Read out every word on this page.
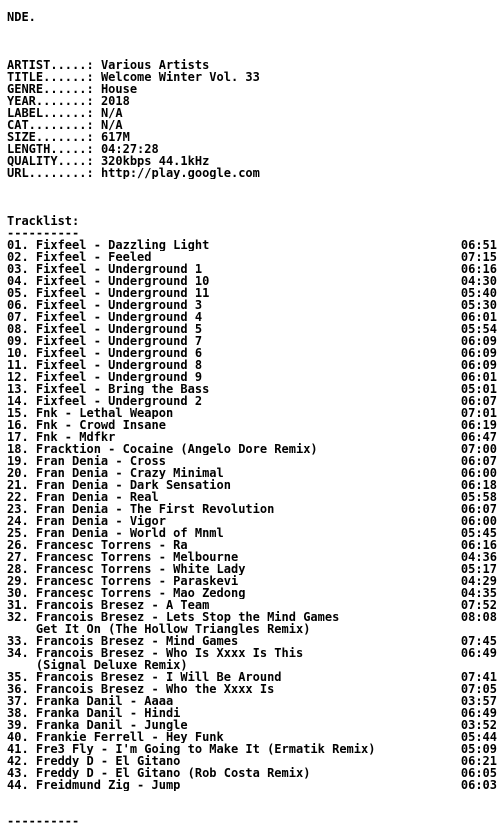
NDE.
ARTIST.....: Various Artists
TITLE......: Welcome Winter Vol. 33
GENRE......: House
YEAR.......: 2018
LABEL......: N/A
CAT........: N/A
SIZE.......: 617M
LENGTH.....: 04:27:28
QUALITY....: 320kbps 44.1kHz
URL........: http://play.google.com
Tracklist:
----------
01. Fixfeel - Dazzling Light	06:51
02. Fixfeel - Feeled	07:15
03. Fixfeel - Underground 1	06:16
04. Fixfeel - Underground 10	04:30
05. Fixfeel - Underground 11	05:40
06. Fixfeel - Underground 3	05:30
07. Fixfeel - Underground 4	06:01
08. Fixfeel - Underground 5	05:54
09. Fixfeel - Underground 7	06:09
10. Fixfeel - Underground 6	06:09
11. Fixfeel - Underground 8	06:09
12. Fixfeel - Underground 9	06:01
13. Fixfeel - Bring the Bass	05:01
14. Fixfeel - Underground 2	06:07
15. Fnk - Lethal Weapon	07:01
16. Fnk - Crowd Insane	06:19
17. Fnk - Mdfkr	06:47
18. Fracktion - Cocaine (Angelo Dore Remix)	07:00
19. Fran Denia - Cross	06:07
20. Fran Denia - Crazy Minimal	06:00
21. Fran Denia - Dark Sensation	06:18
22. Fran Denia - Real	05:58
23. Fran Denia - The First Revolution	06:07
24. Fran Denia - Vigor	06:00
25. Fran Denia - World of Mnml	05:45
26. Francesc Torrens - Ra	06:16
27. Francesc Torrens - Melbourne	04:36
28. Francesc Torrens - White Lady	05:17
29. Francesc Torrens - Paraskevi	04:29
30. Francesc Torrens - Mao Zedong	04:35
31. Francois Bresez - A Team	07:52
32. Francois Bresez - Lets Stop the Mind Games	08:08
Get It On (The Hollow Triangles Remix)
33. Francois Bresez - Mind Games	07:45
34. Francois Bresez - Who Is Xxxx Is This	06:49
(Signal Deluxe Remix)
35. Francois Bresez - I Will Be Around	07:41
36. Francois Bresez - Who the Xxxx Is	07:05
37. Franka Danil - Aaaa	03:57
38. Franka Danil - Hindi	06:49
39. Franka Danil - Jungle	03:52
40. Frankie Ferrell - Hey Funk	05:44
41. Fre3 Fly - I'm Going to Make It (Ermatik Remix)	05:09
42. Freddy D - El Gitano	06:21
43. Freddy D - El Gitano (Rob Costa Remix)	06:05
44. Freidmund Zig - Jump	06:03
----------
